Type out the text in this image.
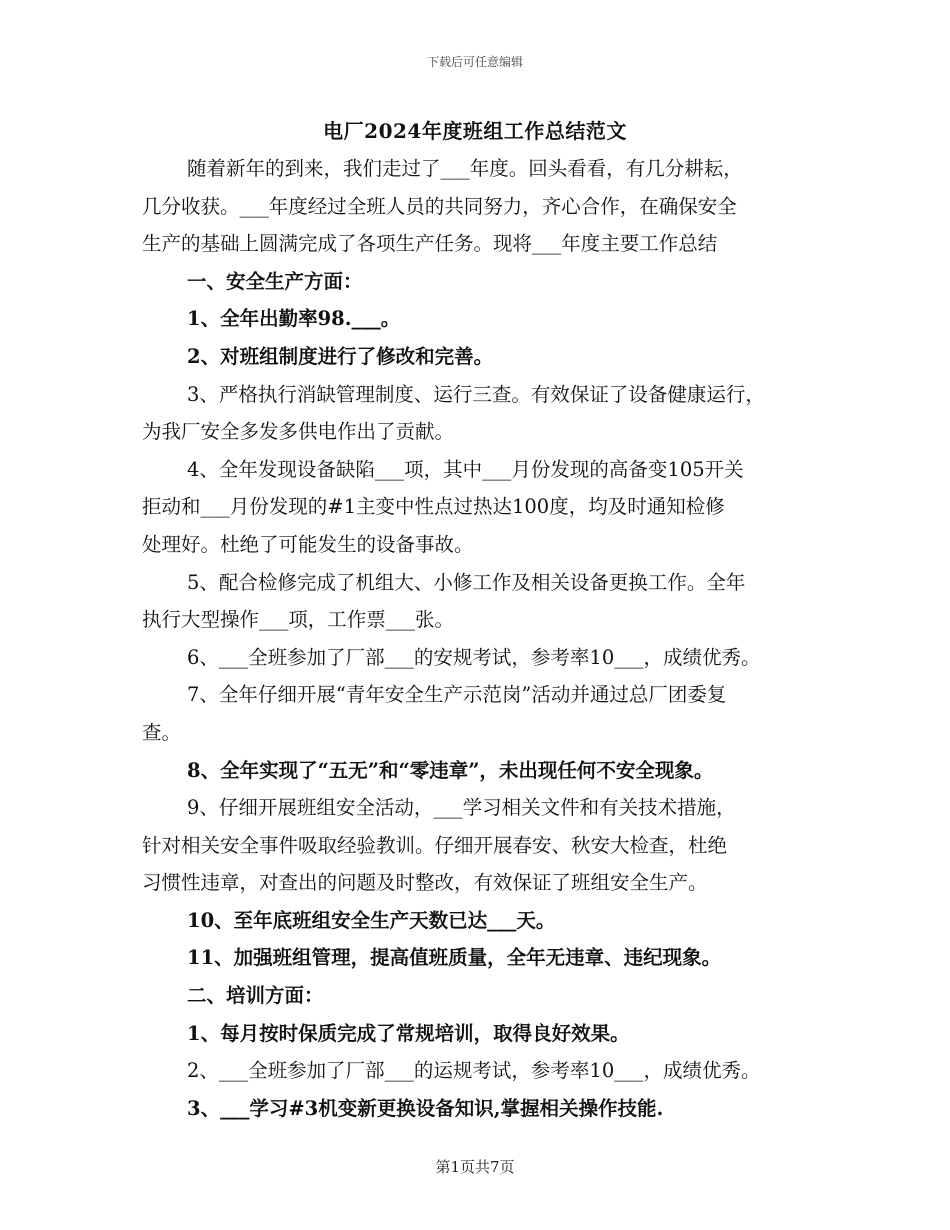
下载后可任意编辑
电厂2024年度班组工作总结范文
随着新年的到来，我们走过了___年度。回头看看，有几分耕耘，
几分收获。___年度经过全班人员的共同努力，齐心合作，在确保安全
生产的基础上圆满完成了各项生产任务。现将___年度主要工作总结
一、安全生产方面：
1、全年出勤率98.___。
2、对班组制度进行了修改和完善。
3、严格执行消缺管理制度、运行三查。有效保证了设备健康运行，
为我厂安全多发多供电作出了贡献。
4、全年发现设备缺陷___项，其中___月份发现的高备变105开关
拒动和___月份发现的#1主变中性点过热达100度，均及时通知检修
处理好。杜绝了可能发生的设备事故。
5、配合检修完成了机组大、小修工作及相关设备更换工作。全年
执行大型操作___项，工作票___张。
6、___全班参加了厂部___的安规考试，参考率10___，成绩优秀。
7、全年仔细开展“青年安全生产示范岗”活动并通过总厂团委复
查。
8、全年实现了“五无”和“零违章”，未出现任何不安全现象。
9、仔细开展班组安全活动，___学习相关文件和有关技术措施，
针对相关安全事件吸取经验教训。仔细开展春安、秋安大检查，杜绝
习惯性违章，对查出的问题及时整改，有效保证了班组安全生产。
10、至年底班组安全生产天数已达___天。
11、加强班组管理，提高值班质量，全年无违章、违纪现象。
二、培训方面：
1、每月按时保质完成了常规培训，取得良好效果。
2、___全班参加了厂部___的运规考试，参考率10___，成绩优秀。
3、___学习#3机变新更换设备知识,掌握相关操作技能.
第1页共7页
